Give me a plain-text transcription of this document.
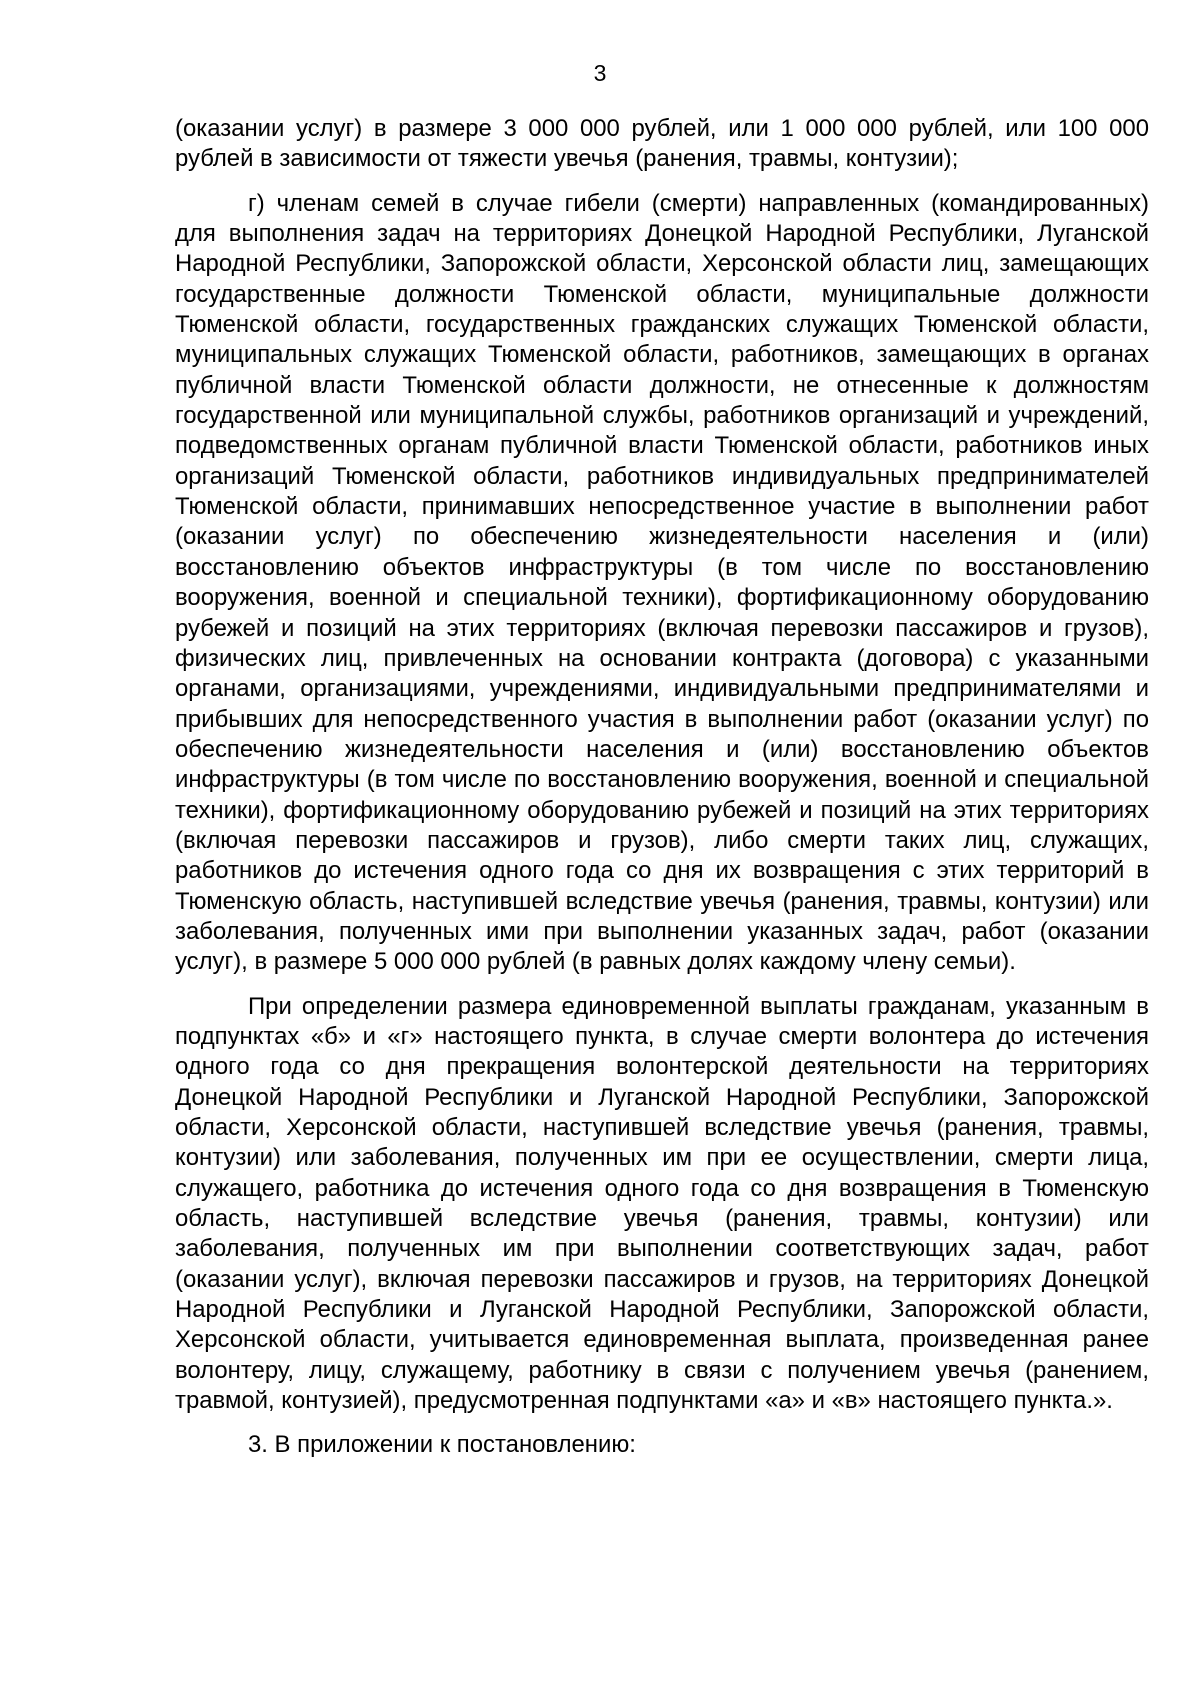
3

(оказании услуг) в размере 3 000 000 рублей, или 1 000 000 рублей, или 100 000 рублей в зависимости от тяжести увечья (ранения, травмы, контузии);

г) членам семей в случае гибели (смерти) направленных (командированных) для выполнения задач на территориях Донецкой Народной Республики, Луганской Народной Республики, Запорожской области, Херсонской области лиц, замещающих государственные должности Тюменской области, муниципальные должности Тюменской области, государственных гражданских служащих Тюменской области, муниципальных служащих Тюменской области, работников, замещающих в органах публичной власти Тюменской области должности, не отнесенные к должностям государственной или муниципальной службы, работников организаций и учреждений, подведомственных органам публичной власти Тюменской области, работников иных организаций Тюменской области, работников индивидуальных предпринимателей Тюменской области, принимавших непосредственное участие в выполнении работ (оказании услуг) по обеспечению жизнедеятельности населения и (или) восстановлению объектов инфраструктуры (в том числе по восстановлению вооружения, военной и специальной техники), фортификационному оборудованию рубежей и позиций на этих территориях (включая перевозки пассажиров и грузов), физических лиц, привлеченных на основании контракта (договора) с указанными органами, организациями, учреждениями, индивидуальными предпринимателями и прибывших для непосредственного участия в выполнении работ (оказании услуг) по обеспечению жизнедеятельности населения и (или) восстановлению объектов инфраструктуры (в том числе по восстановлению вооружения, военной и специальной техники), фортификационному оборудованию рубежей и позиций на этих территориях (включая перевозки пассажиров и грузов), либо смерти таких лиц, служащих, работников до истечения одного года со дня их возвращения с этих территорий в Тюменскую область, наступившей вследствие увечья (ранения, травмы, контузии) или заболевания, полученных ими при выполнении указанных задач, работ (оказании услуг), в размере 5 000 000 рублей (в равных долях каждому члену семьи).

При определении размера единовременной выплаты гражданам, указанным в подпунктах «б» и «г» настоящего пункта, в случае смерти волонтера до истечения одного года со дня прекращения волонтерской деятельности на территориях Донецкой Народной Республики и Луганской Народной Республики, Запорожской области, Херсонской области, наступившей вследствие увечья (ранения, травмы, контузии) или заболевания, полученных им при ее осуществлении, смерти лица, служащего, работника до истечения одного года со дня возвращения в Тюменскую область, наступившей вследствие увечья (ранения, травмы, контузии) или заболевания, полученных им при выполнении соответствующих задач, работ (оказании услуг), включая перевозки пассажиров и грузов, на территориях Донецкой Народной Республики и Луганской Народной Республики, Запорожской области, Херсонской области, учитывается единовременная выплата, произведенная ранее волонтеру, лицу, служащему, работнику в связи с получением увечья (ранением, травмой, контузией), предусмотренная подпунктами «а» и «в» настоящего пункта.».

3. В приложении к постановлению:
